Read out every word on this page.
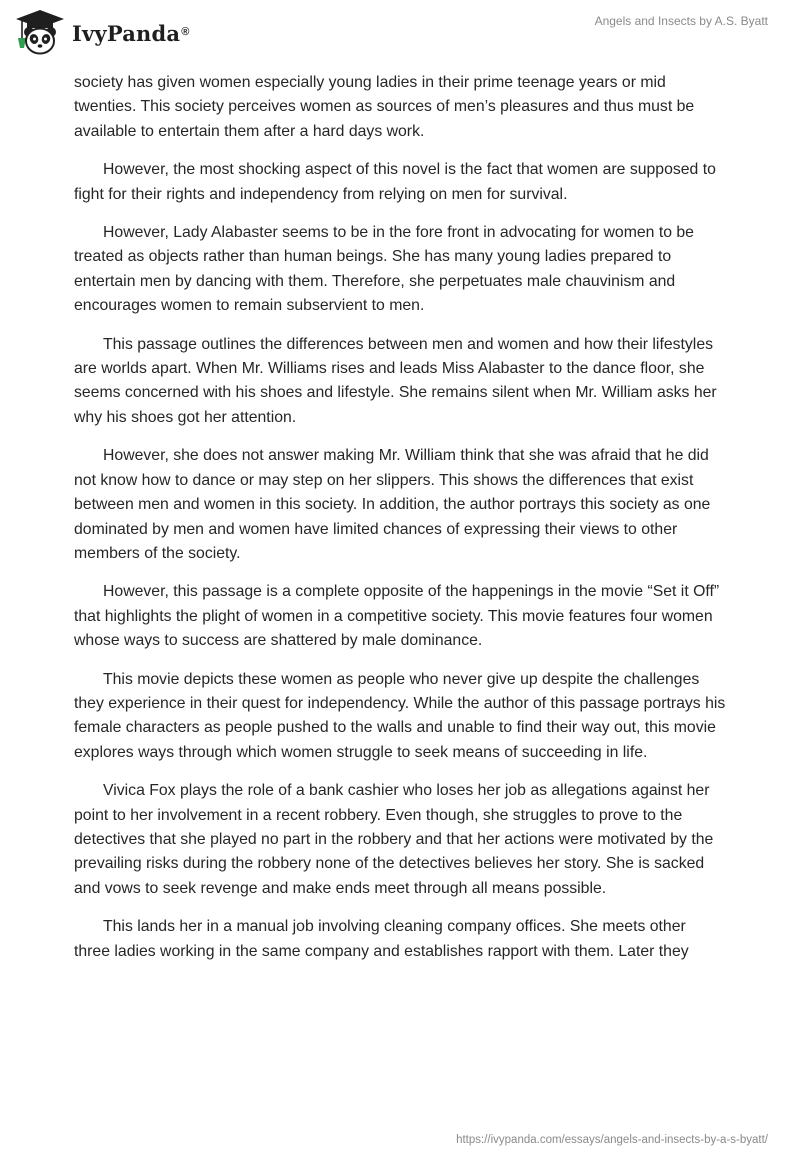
IvyPanda®
Angels and Insects by A.S. Byatt

society has given women especially young ladies in their prime teenage years or mid twenties. This society perceives women as sources of men’s pleasures and thus must be available to entertain them after a hard days work.

However, the most shocking aspect of this novel is the fact that women are supposed to fight for their rights and independency from relying on men for survival.

However, Lady Alabaster seems to be in the fore front in advocating for women to be treated as objects rather than human beings. She has many young ladies prepared to entertain men by dancing with them. Therefore, she perpetuates male chauvinism and encourages women to remain subservient to men.

This passage outlines the differences between men and women and how their lifestyles are worlds apart. When Mr. Williams rises and leads Miss Alabaster to the dance floor, she seems concerned with his shoes and lifestyle. She remains silent when Mr. William asks her why his shoes got her attention.

However, she does not answer making Mr. William think that she was afraid that he did not know how to dance or may step on her slippers. This shows the differences that exist between men and women in this society. In addition, the author portrays this society as one dominated by men and women have limited chances of expressing their views to other members of the society.

However, this passage is a complete opposite of the happenings in the movie “Set it Off” that highlights the plight of women in a competitive society. This movie features four women whose ways to success are shattered by male dominance.

This movie depicts these women as people who never give up despite the challenges they experience in their quest for independency. While the author of this passage portrays his female characters as people pushed to the walls and unable to find their way out, this movie explores ways through which women struggle to seek means of succeeding in life.

Vivica Fox plays the role of a bank cashier who loses her job as allegations against her point to her involvement in a recent robbery. Even though, she struggles to prove to the detectives that she played no part in the robbery and that her actions were motivated by the prevailing risks during the robbery none of the detectives believes her story. She is sacked and vows to seek revenge and make ends meet through all means possible.

This lands her in a manual job involving cleaning company offices. She meets other three ladies working in the same company and establishes rapport with them. Later they

https://ivypanda.com/essays/angels-and-insects-by-a-s-byatt/
